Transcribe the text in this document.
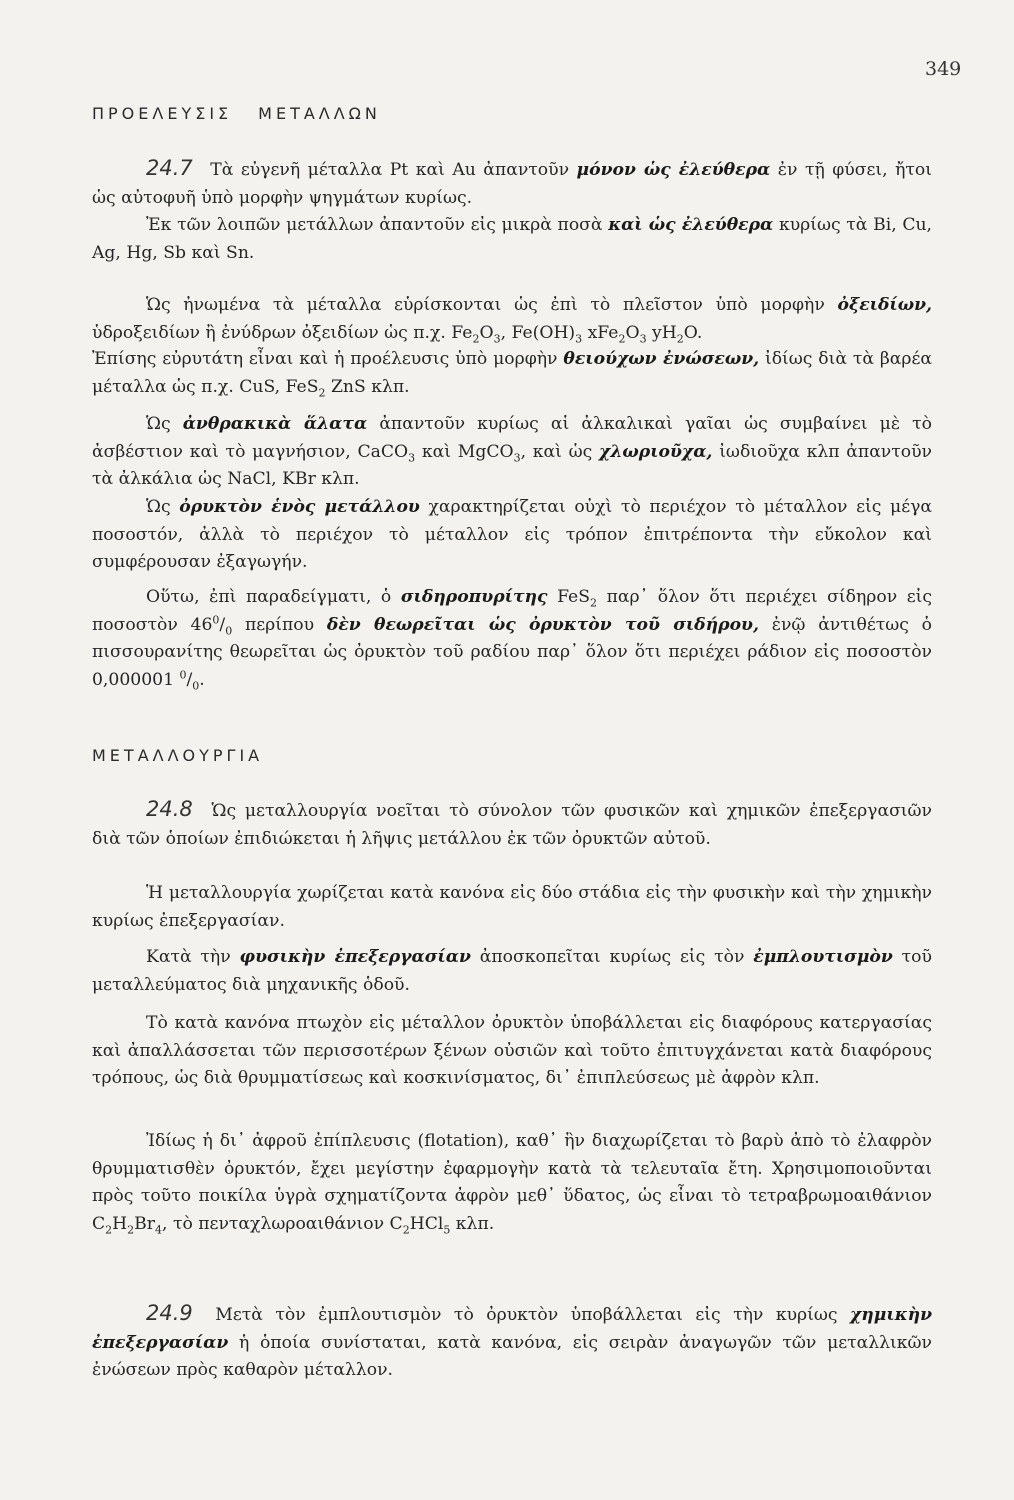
349
ΠΡΟΕΛΕΥΣΙΣ ΜΕΤΑΛΛΩΝ
24.7 Τὰ εὐγενῆ μέταλλα Pt καὶ Au ἀπαντοῦν μόνον ὡς ἐλεύθερα ἐν τῇ φύσει, ἤτοι ὡς αὐτοφυῆ ὑπὸ μορφὴν ψηγμάτων κυρίως.
Ἐκ τῶν λοιπῶν μετάλλων ἀπαντοῦν εἰς μικρὰ ποσὰ καὶ ὡς ἐλεύθερα κυρίως τὰ Bi, Cu, Ag, Hg, Sb καὶ Sn.
Ὡς ἠνωμένα τὰ μέταλλα εὑρίσκονται ὡς ἐπὶ τὸ πλεῖστον ὑπὸ μορφὴν ὀξειδίων, ὑδροξειδίων ἢ ἐνύδρων ὀξειδίων ὡς π.χ. $Fe_2O_3$, $Fe(OH)_3$ $xFe_2O_3$ $yH_2O$.
Ἐπίσης εὐρυτάτη εἶναι καὶ ἡ προέλευσις ὑπὸ μορφὴν θειούχων ἐνώσεων, ἰδίως διὰ τὰ βαρέα μέταλλα ὡς π.χ. CuS, FeS$_2$ ZnS κλπ.
Ὡς ἀνθρακικὰ ἅλατα ἀπαντοῦν κυρίως αἱ ἀλκαλικαὶ γαῖαι ὡς συμβαίνει μὲ τὸ ἀσβέστιον καὶ τὸ μαγνήσιον, CaCO$_3$ καὶ MgCO$_3$, καὶ ὡς χλωριοῦχα, ἰωδιοῦχα κλπ ἀπαντοῦν τὰ ἀλκάλια ὡς NaCl, KBr κλπ.
Ὡς ὀρυκτὸν ἑνὸς μετάλλου χαρακτηρίζεται οὐχὶ τὸ περιέχον τὸ μέταλλον εἰς μέγα ποσοστόν, ἀλλὰ τὸ περιέχον τὸ μέταλλον εἰς τρόπον ἐπιτρέποντα τὴν εὔκολον καὶ συμφέρουσαν ἐξαγωγήν.
Οὕτω, ἐπὶ παραδείγματι, ὁ σιδηροπυρίτης FeS$_2$ παρ᾽ ὅλον ὅτι περιέχει σίδηρον εἰς ποσοστὸν $46^0/_0$ περίπου δὲν θεωρεῖται ὡς ὀρυκτὸν τοῦ σιδήρου, ἐνῷ ἀντιθέτως ὁ πισσουρανίτης θεωρεῖται ὡς ὀρυκτὸν τοῦ ραδίου παρ᾽ ὅλον ὅτι περιέχει ράδιον εἰς ποσοστὸν 0,000001 $^0/_0$.
ΜΕΤΑΛΛΟΥΡΓΙΑ
24.8 Ὡς μεταλλουργία νοεῖται τὸ σύνολον τῶν φυσικῶν καὶ χημικῶν ἐπεξεργασιῶν διὰ τῶν ὁποίων ἐπιδιώκεται ἡ λῆψις μετάλλου ἐκ τῶν ὀρυκτῶν αὐτοῦ.
Ἡ μεταλλουργία χωρίζεται κατὰ κανόνα εἰς δύο στάδια εἰς τὴν φυσικὴν καὶ τὴν χημικὴν κυρίως ἐπεξεργασίαν.
Κατὰ τὴν φυσικὴν ἐπεξεργασίαν ἀποσκοπεῖται κυρίως εἰς τὸν ἐμπλουτισμὸν τοῦ μεταλλεύματος διὰ μηχανικῆς ὁδοῦ.
Τὸ κατὰ κανόνα πτωχὸν εἰς μέταλλον ὀρυκτὸν ὑποβάλλεται εἰς διαφόρους κατεργασίας καὶ ἀπαλλάσσεται τῶν περισσοτέρων ξένων οὐσιῶν καὶ τοῦτο ἐπιτυγχάνεται κατὰ διαφόρους τρόπους, ὡς διὰ θρυμματίσεως καὶ κοσκινίσματος, δι᾽ ἐπιπλεύσεως μὲ ἀφρὸν κλπ.
Ἰδίως ἡ δι᾽ ἀφροῦ ἐπίπλευσις (flotation), καθ᾽ ἣν διαχωρίζεται τὸ βαρὺ ἀπὸ τὸ ἐλαφρὸν θρυμματισθὲν ὀρυκτόν, ἔχει μεγίστην ἐφαρμογὴν κατὰ τὰ τελευταῖα ἔτη. Χρησιμοποιοῦνται πρὸς τοῦτο ποικίλα ὑγρὰ σχηματίζοντα ἀφρὸν μεθ᾽ ὕδατος, ὡς εἶναι τὸ τετραβρωμοαιθάνιον $C_2H_2Br_4$, τὸ πενταχλωροαιθάνιον $C_2HCl_5$ κλπ.
24.9 Μετὰ τὸν ἐμπλουτισμὸν τὸ ὀρυκτὸν ὑποβάλλεται εἰς τὴν κυρίως χημικὴν ἐπεξεργασίαν ἡ ὁποία συνίσταται, κατὰ κανόνα, εἰς σειρὰν ἀναγωγῶν τῶν μεταλλικῶν ἐνώσεων πρὸς καθαρὸν μέταλλον.
